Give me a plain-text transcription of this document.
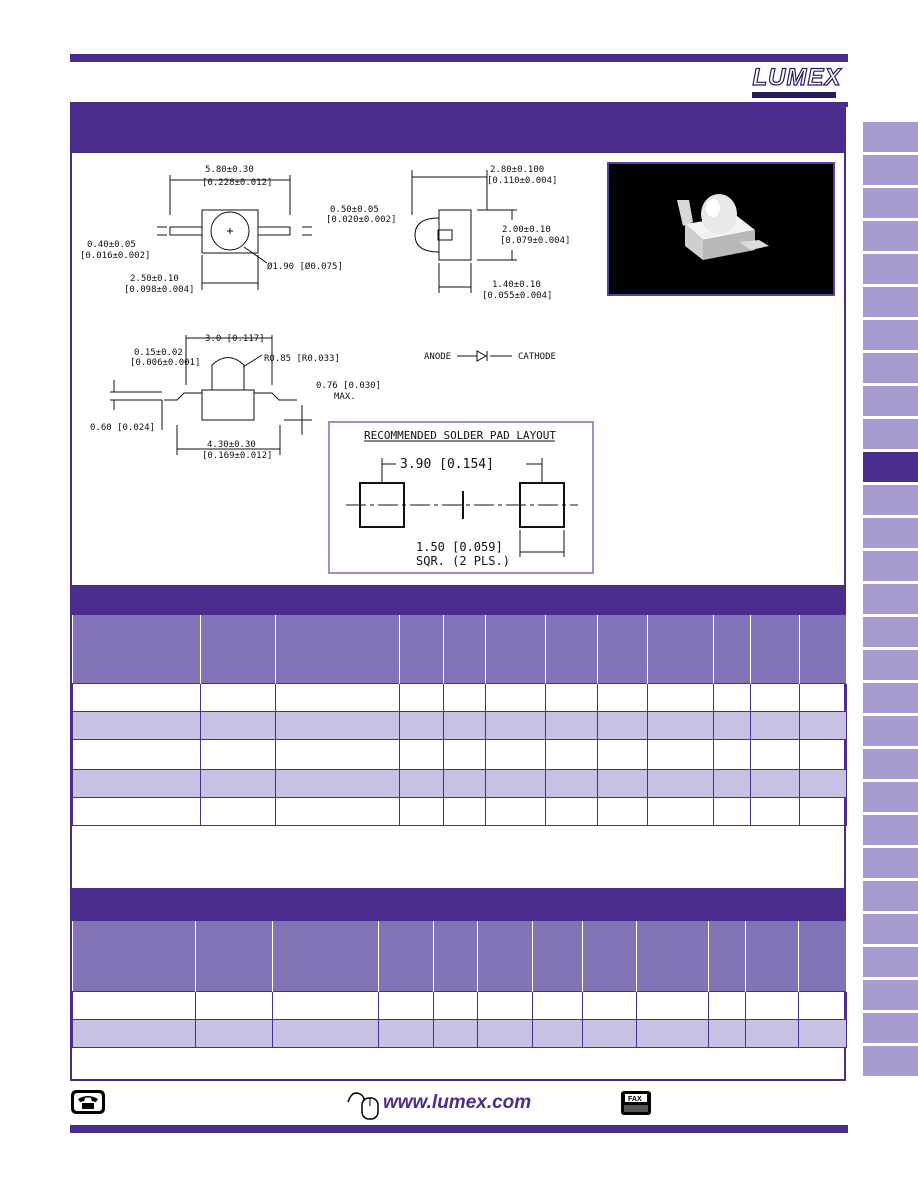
LUMEX
5.80±0.30
[0.228±0.012]
0.50±0.05
[0.020±0.002]
0.40±0.05
[0.016±0.002]
2.50±0.10
[0.098±0.004]
Ø1.90 [Ø0.075]
2.80±0.100
[0.110±0.004]
2.00±0.10
[0.079±0.004]
1.40±0.10
[0.055±0.004]
3.0 [0.117]
0.15±0.02
[0.006±0.001]	R0.85 [R0.033]
0.76 [0.030]
MAX.
0.60 [0.024]
4.30±0.30
[0.169±0.012]
ANODE	CATHODE
RECOMMENDED SOLDER PAD LAYOUT
3.90 [0.154]
1.50 [0.059]
SQR. (2 PLS.)

www.lumex.com	FAX
